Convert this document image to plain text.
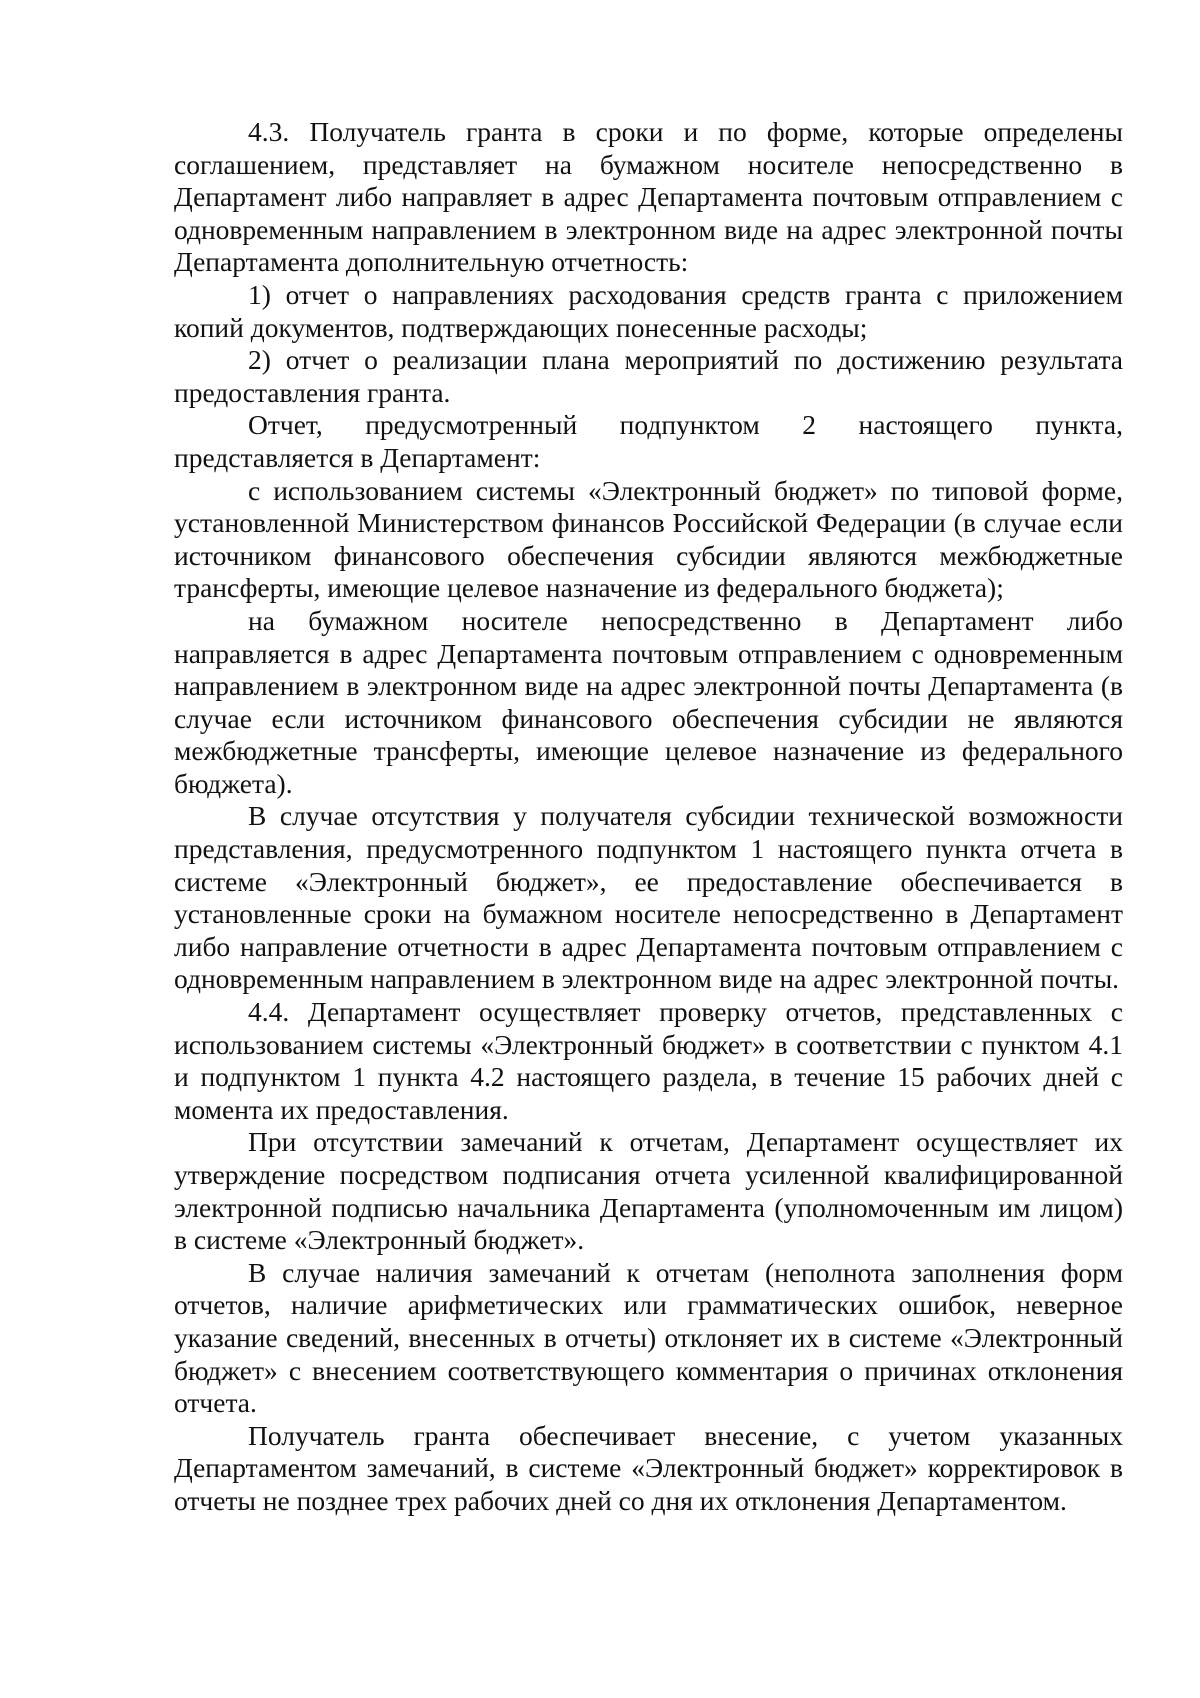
4.3. Получатель гранта в сроки и по форме, которые определены соглашением, представляет на бумажном носителе непосредственно в Департамент либо направляет в адрес Департамента почтовым отправлением с одновременным направлением в электронном виде на адрес электронной почты Департамента дополнительную отчетность:

1) отчет о направлениях расходования средств гранта с приложением копий документов, подтверждающих понесенные расходы;

2) отчет о реализации плана мероприятий по достижению результата предоставления гранта.

Отчет, предусмотренный подпунктом 2 настоящего пункта, представляется в Департамент:

с использованием системы «Электронный бюджет» по типовой форме, установленной Министерством финансов Российской Федерации (в случае если источником финансового обеспечения субсидии являются межбюджетные трансферты, имеющие целевое назначение из федерального бюджета);

на бумажном носителе непосредственно в Департамент либо направляется в адрес Департамента почтовым отправлением с одновременным направлением в электронном виде на адрес электронной почты Департамента (в случае если источником финансового обеспечения субсидии не являются межбюджетные трансферты, имеющие целевое назначение из федерального бюджета).

В случае отсутствия у получателя субсидии технической возможности представления, предусмотренного подпунктом 1 настоящего пункта отчета в системе «Электронный бюджет», ее предоставление обеспечивается в установленные сроки на бумажном носителе непосредственно в Департамент либо направление отчетности в адрес Департамента почтовым отправлением с одновременным направлением в электронном виде на адрес электронной почты.

4.4. Департамент осуществляет проверку отчетов, представленных с использованием системы «Электронный бюджет» в соответствии с пунктом 4.1 и подпунктом 1 пункта 4.2 настоящего раздела, в течение 15 рабочих дней с момента их предоставления.

При отсутствии замечаний к отчетам, Департамент осуществляет их утверждение посредством подписания отчета усиленной квалифицированной электронной подписью начальника Департамента (уполномоченным им лицом) в системе «Электронный бюджет».

В случае наличия замечаний к отчетам (неполнота заполнения форм отчетов, наличие арифметических или грамматических ошибок, неверное указание сведений, внесенных в отчеты) отклоняет их в системе «Электронный бюджет» с внесением соответствующего комментария о причинах отклонения отчета.

Получатель гранта обеспечивает внесение, с учетом указанных Департаментом замечаний, в системе «Электронный бюджет» корректировок в отчеты не позднее трех рабочих дней со дня их отклонения Департаментом.
